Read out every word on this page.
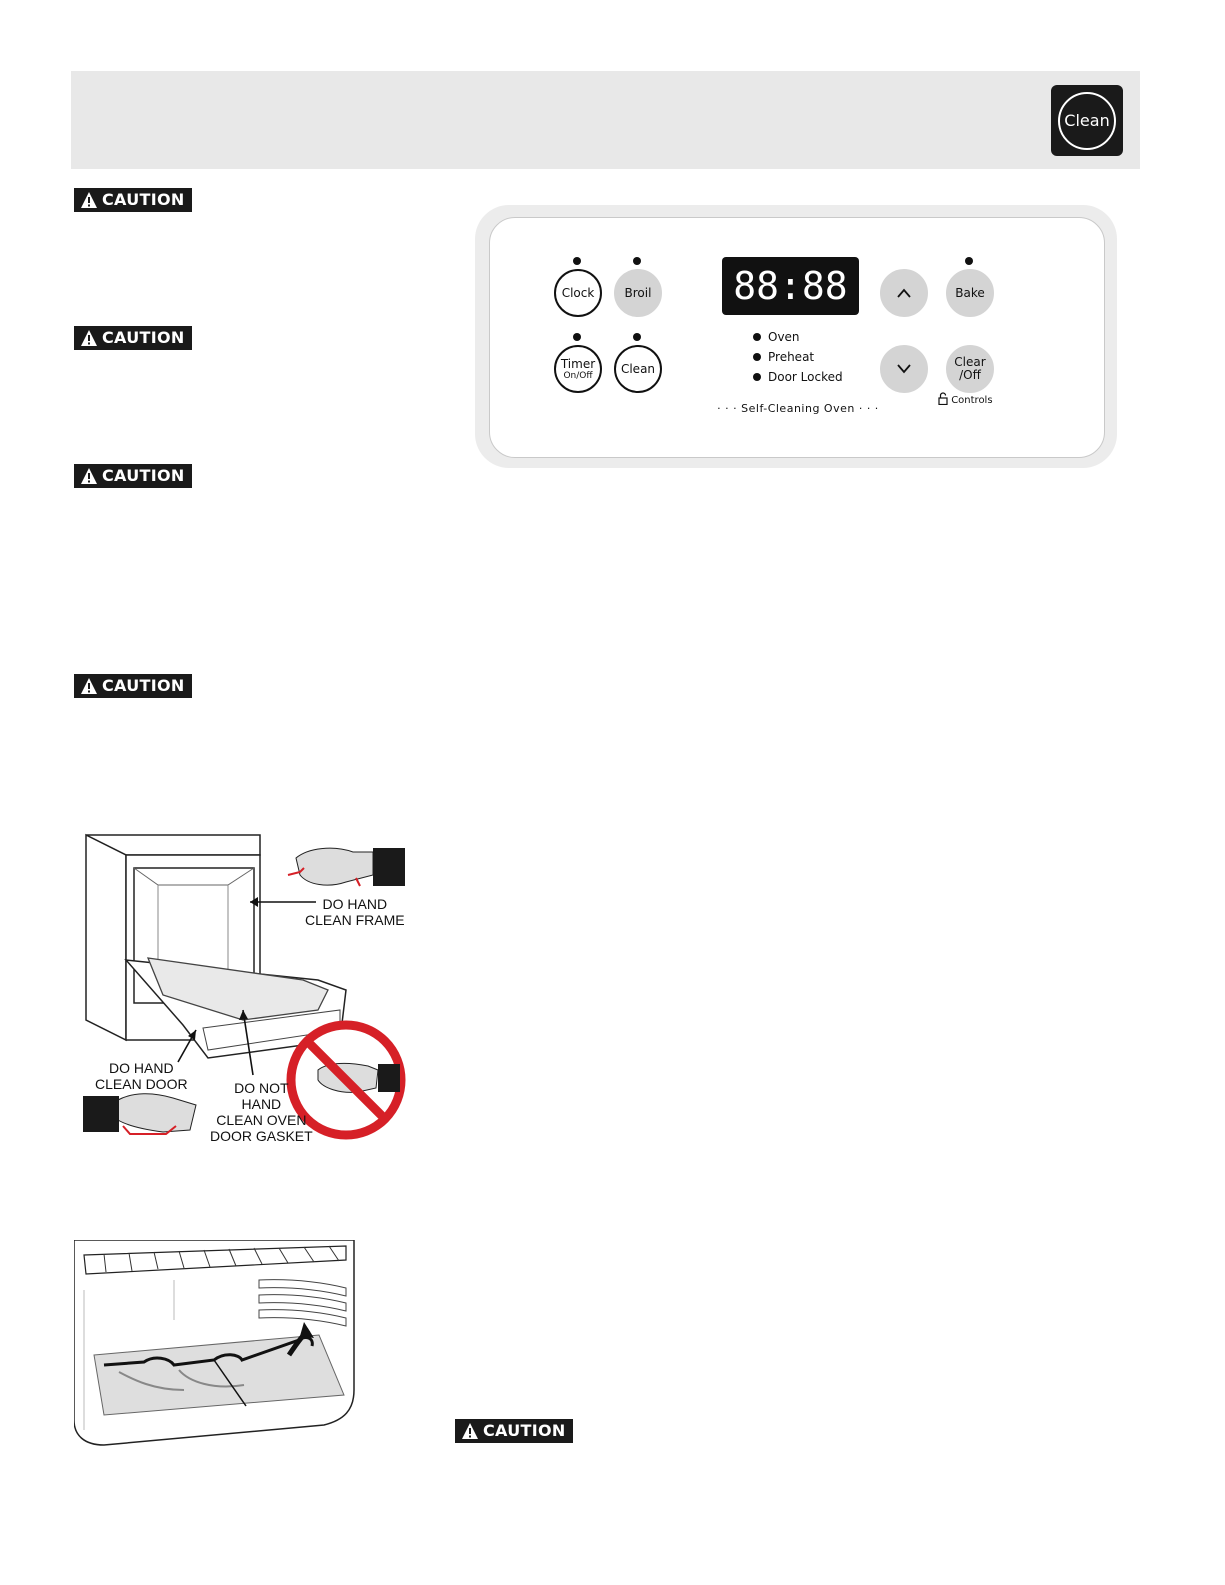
Clean
CAUTION
CAUTION
CAUTION
CAUTION
CAUTION
Clock	Broil
Timer
On/Off Clean
88:88	Bake
Clear
/Off
Oven
Preheat
Door Locked
· · · Self-Cleaning Oven · · ·
Controls
DO HAND
CLEAN FRAME
DO HAND
CLEAN DOOR	DO NOT
HAND
CLEAN OVEN
DOOR GASKET
